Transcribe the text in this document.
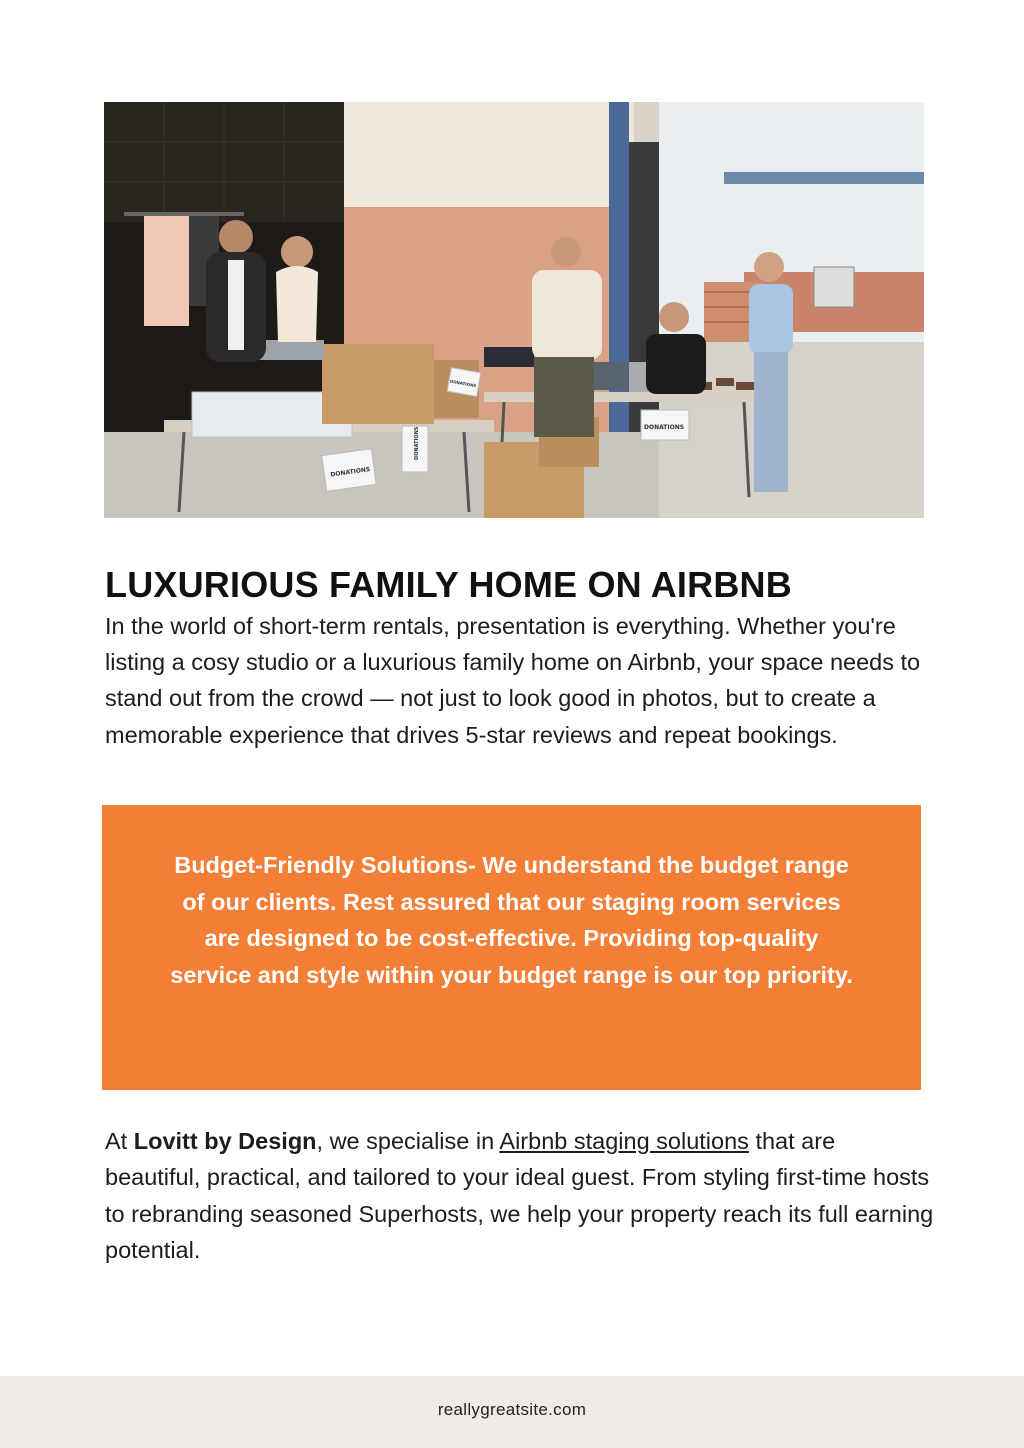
DONATIONS
DONATIONS
DONATIONS
DONATIONS
LUXURIOUS FAMILY HOME ON AIRBNB

In the world of short-term rentals, presentation is everything. Whether you're listing a cosy studio or a luxurious family home on Airbnb, your space needs to stand out from the crowd — not just to look good in photos, but to create a memorable experience that drives 5-star reviews and repeat bookings.

Budget-Friendly Solutions- We understand the budget range of our clients. Rest assured that our staging room services are designed to be cost-effective. Providing top-quality service and style within your budget range is our top priority.

At Lovitt by Design, we specialise in Airbnb staging solutions that are beautiful, practical, and tailored to your ideal guest. From styling first-time hosts to rebranding seasoned Superhosts, we help your property reach its full earning potential.

reallygreatsite.com
